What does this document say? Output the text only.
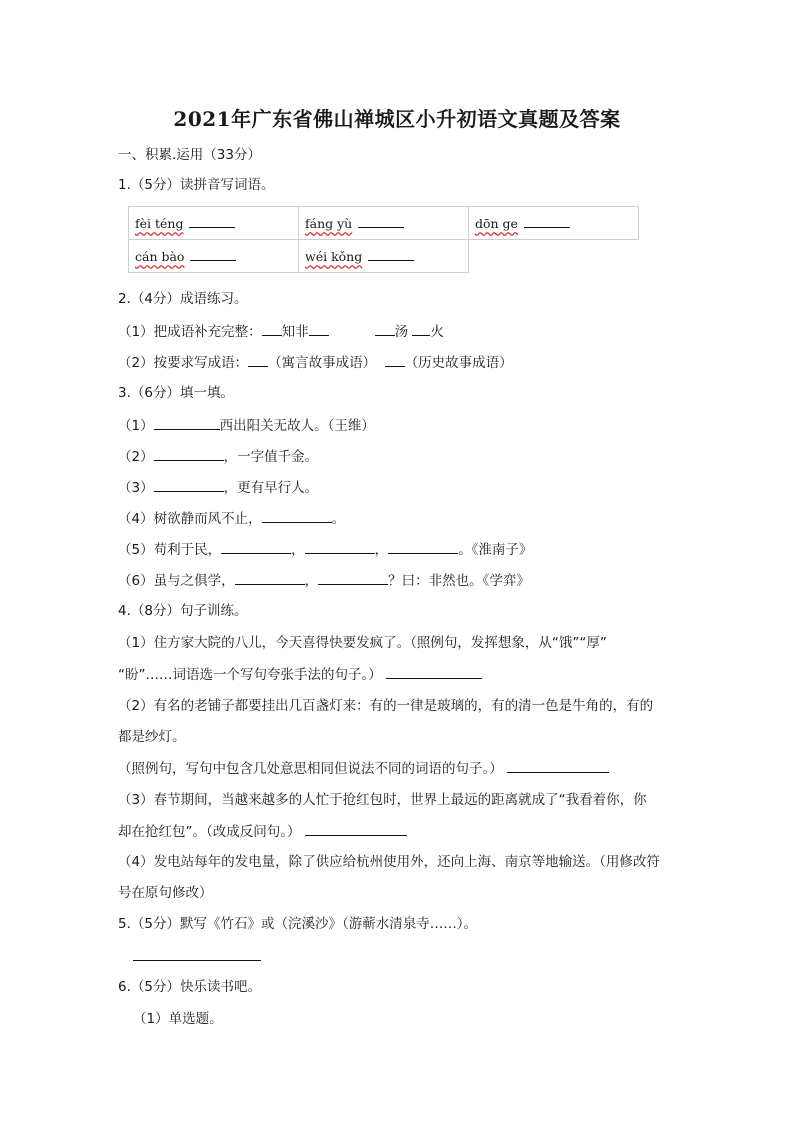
2021年广东省佛山禅城区小升初语文真题及答案
一、积累.运用（33分）
1.（5分）读拼音写词语。
fèi téng	fáng yù	dōn ge
cán bào	wéi kǒng	
2.（4分）成语练习。
（1）把成语补充完整： 知非	汤 火
（2）按要求写成语： （寓言故事成语） （历史故事成语）
3.（6分）填一填。
（1）	西出阳关无故人。（王维）
（2）	，一字值千金。
（3）	，更有早行人。
（4）树欲静而风不止，	。
（5）苟利于民，	，	，	。《淮南子》
（6）虽与之俱学，	，	？曰：非然也。《学弈》
4.（8分）句子训练。
（1）住方家大院的八儿，今天喜得快要发疯了。（照例句，发挥想象，从“饿”“厚”
“盼”……词语选一个写句夸张手法的句子。）
（2）有名的老铺子都要挂出几百盏灯来：有的一律是玻璃的，有的清一色是牛角的，有的
都是纱灯。
（照例句，写句中包含几处意思相同但说法不同的词语的句子。）
（3）春节期间，当越来越多的人忙于抢红包时，世界上最远的距离就成了“我看着你，你
却在抢红包”。（改成反问句。）
（4）发电站每年的发电量，除了供应给杭州使用外，还向上海、南京等地输送。（用修改符
号在原句修改）
5.（5分）默写《竹石》或（浣溪沙》（游蕲水清泉寺……）。
6.（5分）快乐读书吧。
（1）单选题。
